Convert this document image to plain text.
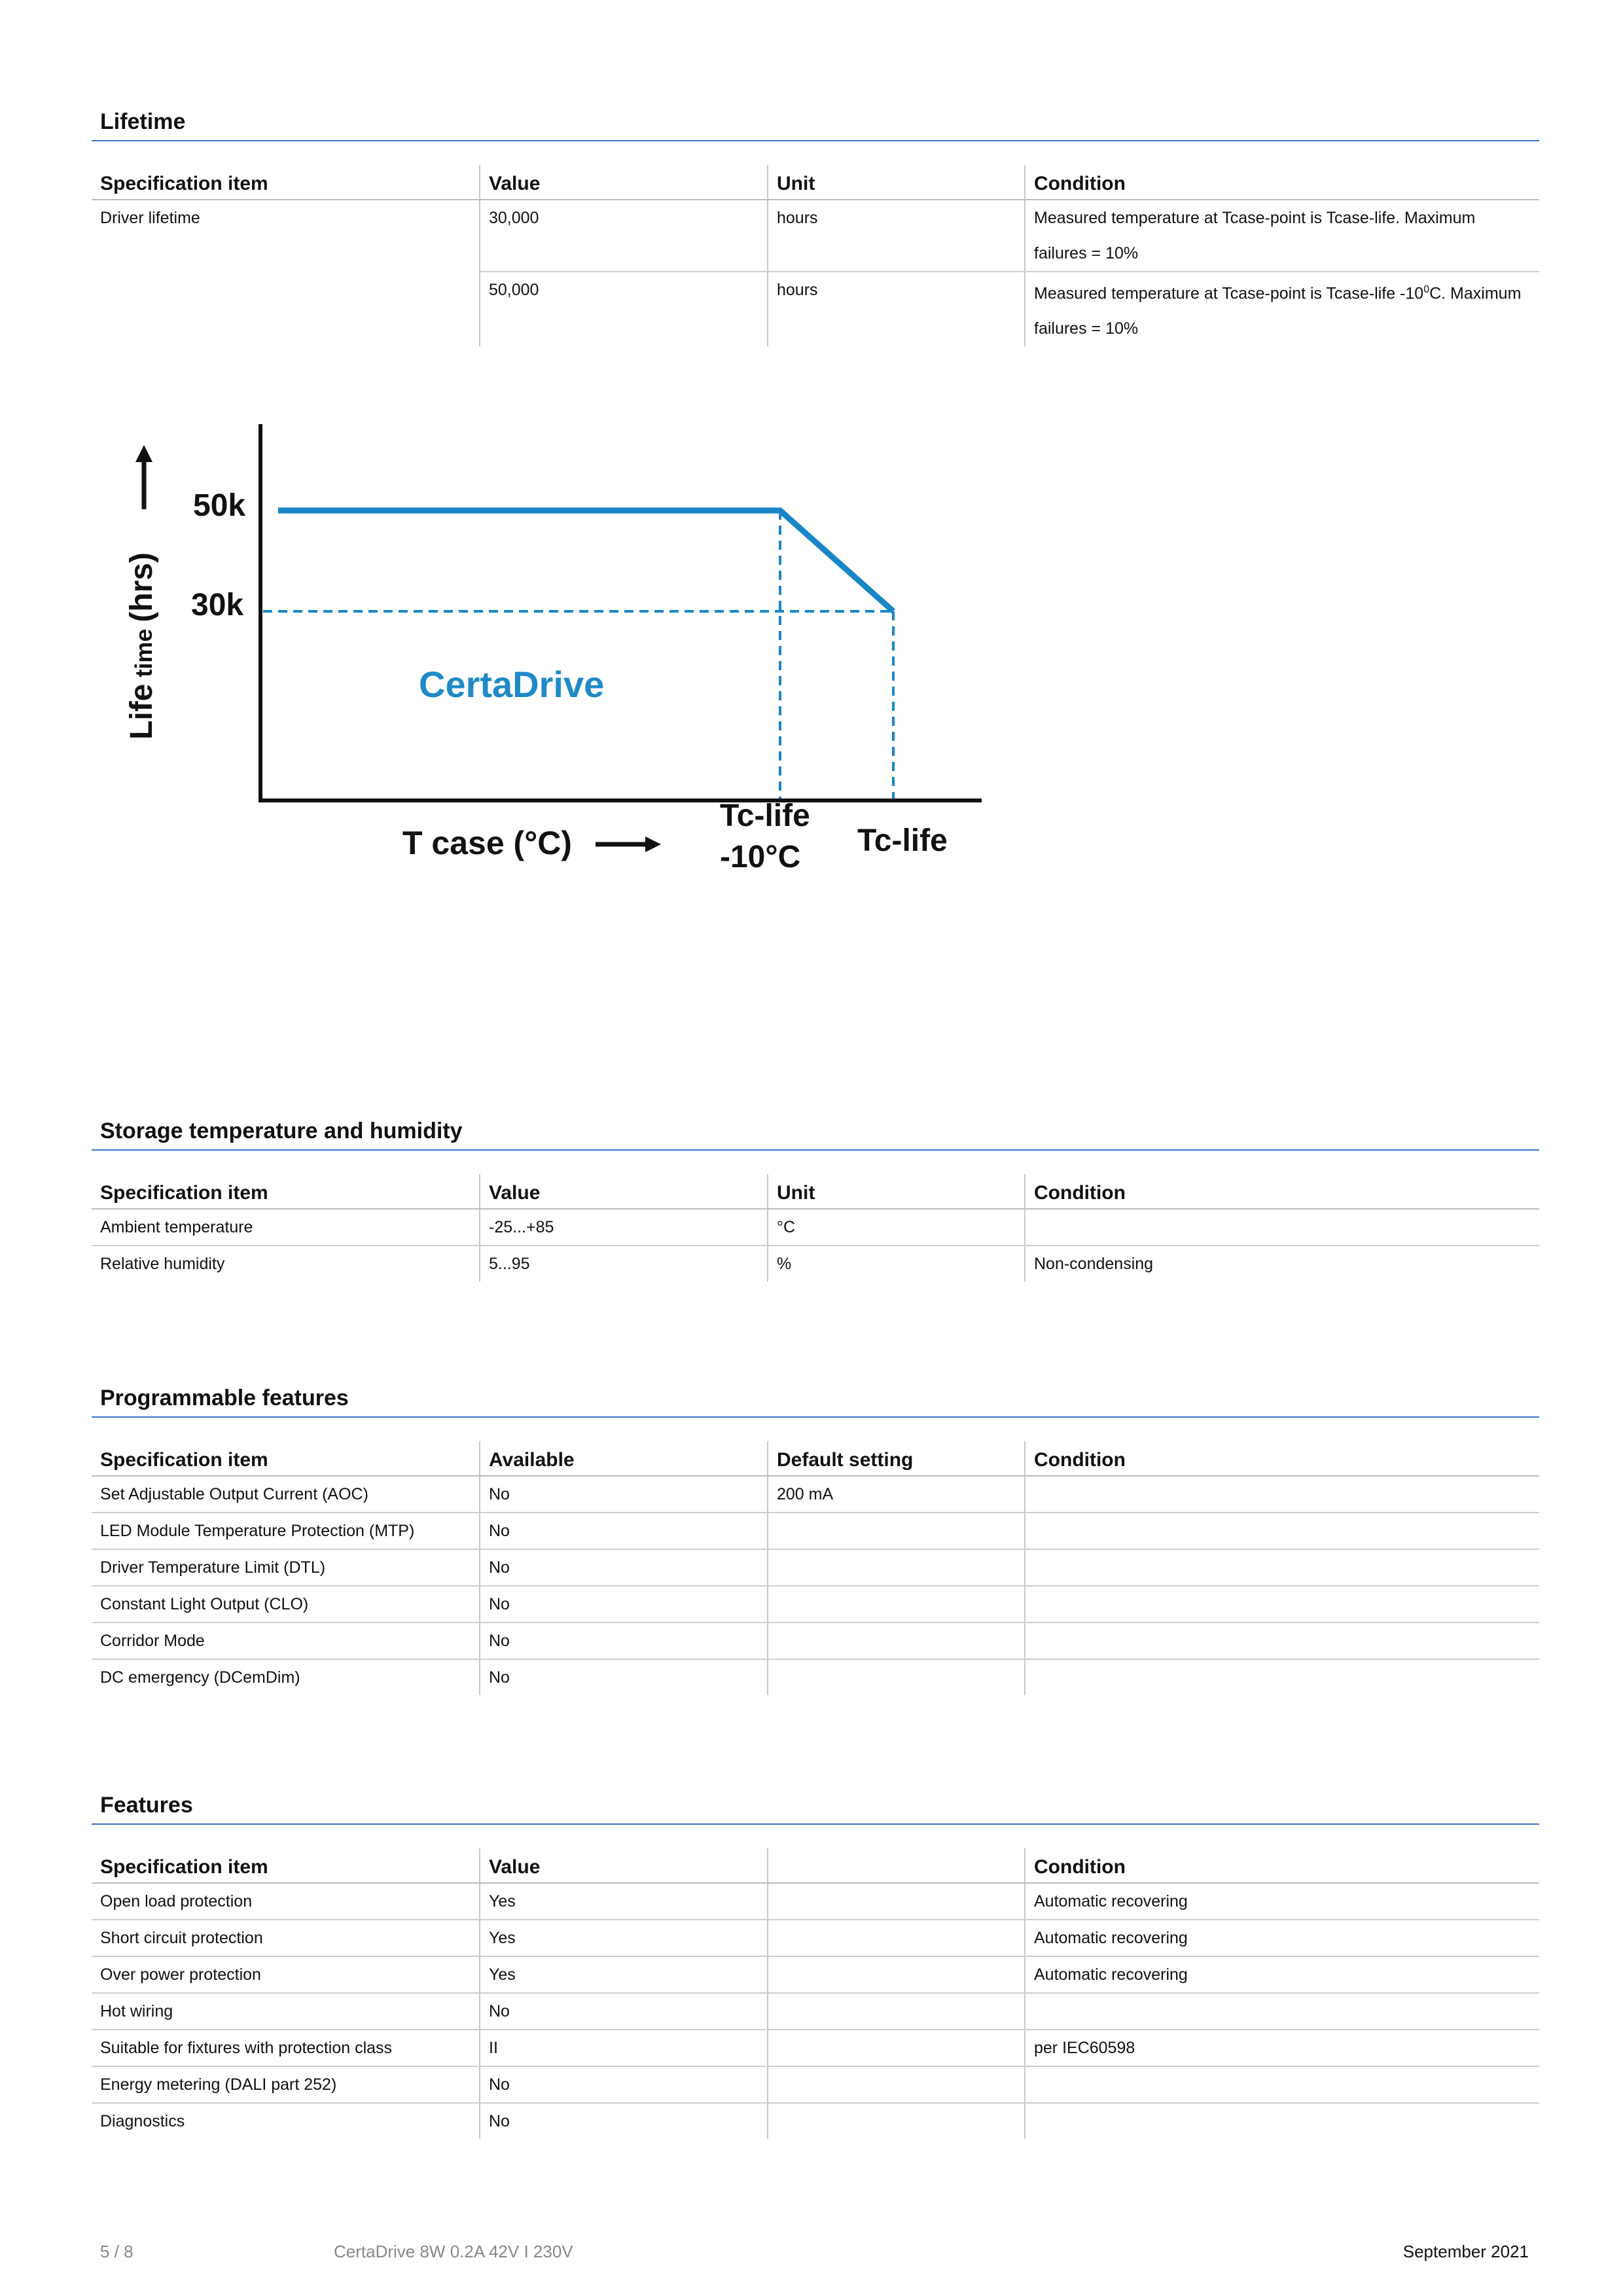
Lifetime
Specification item	Value	Unit	Condition
Driver lifetime	30,000	hours	Measured temperature at Tcase-point is Tcase-life. Maximum failures = 10%
	50,000	hours	Measured temperature at Tcase-point is Tcase-life $-10^0C$. Maximum failures = 10%
Lifetime(hrs)
50k
30k
CertaDrive
T case (°C)
Tc-life
-10°C Tc-life
Storage temperature and humidity
Specification item	Value	Unit	Condition
Ambient temperature	-25...+85	°C	
Relative humidity	5...95	%	Non-condensing
Programmable features
Specification item	Available	Default setting	Condition
Set Adjustable Output Current (AOC)	No	200 mA	
LED Module Temperature Protection (MTP)	No		
Driver Temperature Limit (DTL)	No		
Constant Light Output (CLO)	No		
Corridor Mode	No		
DC emergency (DCemDim)	No		
Features
Specification item	Value		Condition
Open load protection	Yes		Automatic recovering
Short circuit protection	Yes		Automatic recovering
Over power protection	Yes		Automatic recovering
Hot wiring	No		
Suitable for fixtures with protection class	II		per IEC60598
Energy metering (DALI part 252)	No		
Diagnostics	No		
5 / 8	CertaDrive 8W 0.2A 42V I 230V	September 2021
